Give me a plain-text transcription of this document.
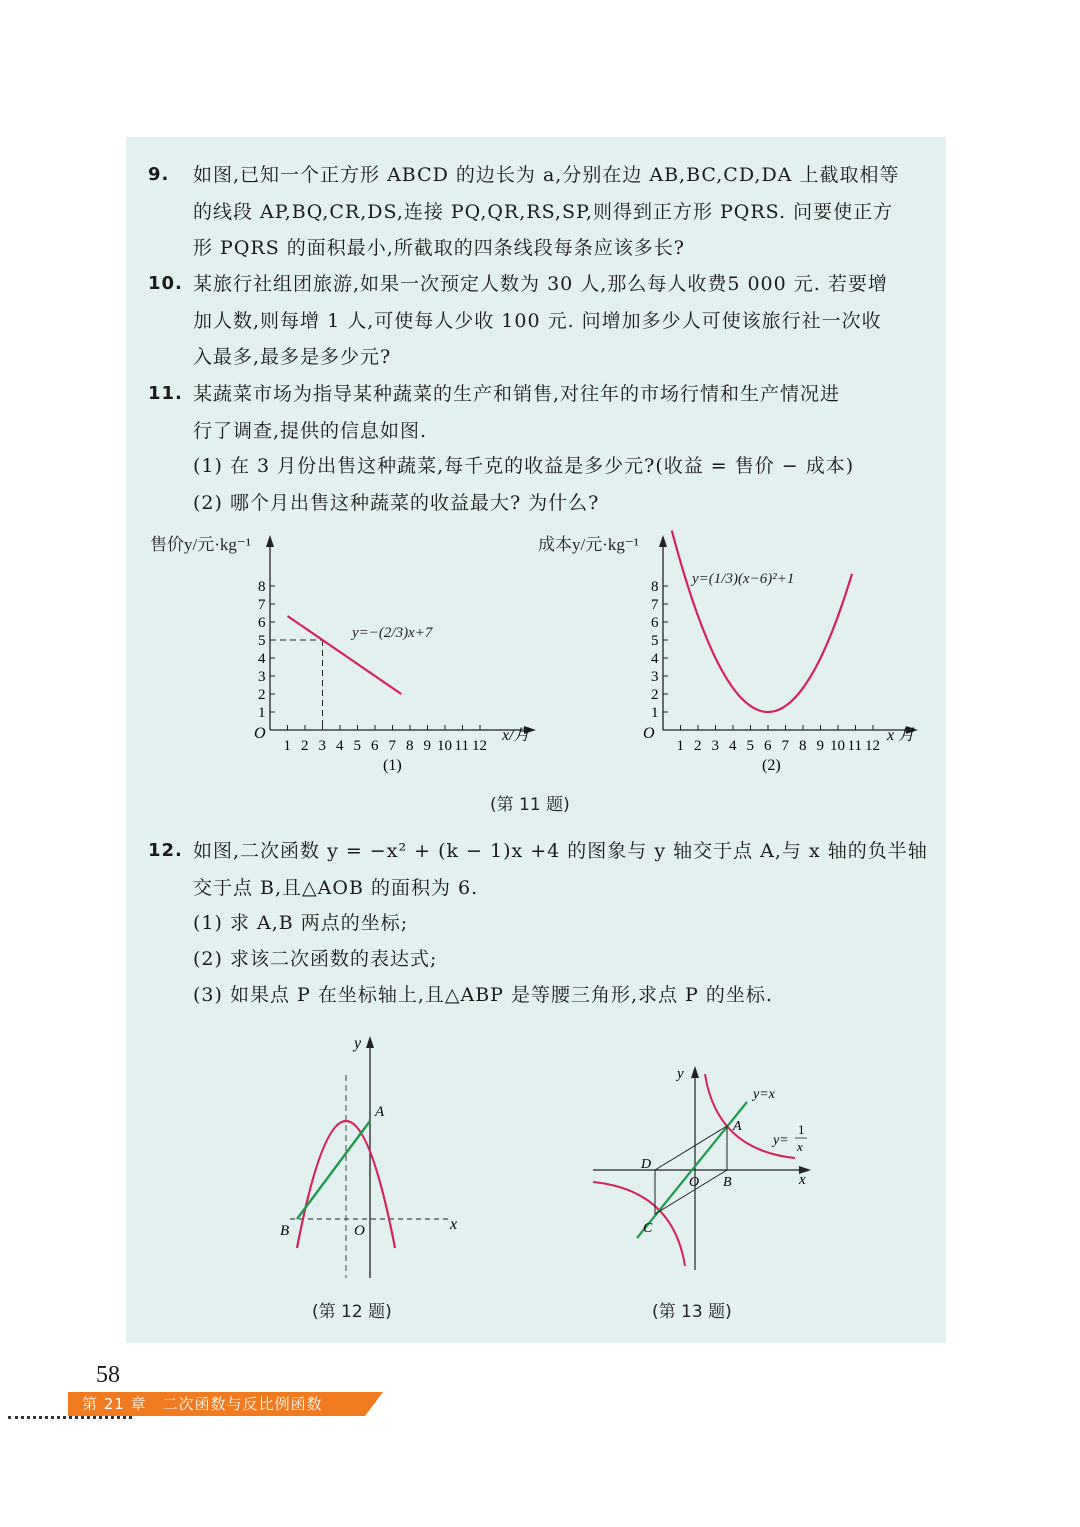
9. 如图,已知一个正方形 ABCD 的边长为 a,分别在边 AB,BC,CD,DA 上截取相等
的线段 AP,BQ,CR,DS,连接 PQ,QR,RS,SP,则得到正方形 PQRS. 问要使正方
形 PQRS 的面积最小,所截取的四条线段每条应该多长?
10. 某旅行社组团旅游,如果一次预定人数为 30 人,那么每人收费5 000 元. 若要增
加人数,则每增 1 人,可使每人少收 100 元. 问增加多少人可使该旅行社一次收
入最多,最多是多少元?
11. 某蔬菜市场为指导某种蔬菜的生产和销售,对往年的市场行情和生产情况进
行了调查,提供的信息如图.
(1) 在 3 月份出售这种蔬菜,每千克的收益是多少元?(收益 = 售价 − 成本)
(2) 哪个月出售这种蔬菜的收益最大? 为什么?
售价y/元·kg⁻¹
O	x/月
1 2 3 4 5 6 7 8 9 10 11 12
1
2
3
4
5
6
7
8
y=−(2/3)x+7
(1)
成本y/元·kg⁻¹
O	x 月
1 2 3 4 5 6 7 8 9 10 11 12
1
2
3
4
5
6
7
8 y=(1/3)(x−6)²+1
(2)
(第 11 题)
12. 如图,二次函数 y = −x² + (k − 1)x +4 的图象与 y 轴交于点 A,与 x 轴的负半轴
交于点 B,且△AOB 的面积为 6.
(1) 求 A,B 两点的坐标;
(2) 求该二次函数的表达式;
(3) 如果点 P 在坐标轴上,且△ABP 是等腰三角形,求点 P 的坐标.
y
x
A
B	O
(第 12 题)
y
x
y=x
y=
1
x
A
B
C
D
O
(第 13 题)
58
第 21 章　二次函数与反比例函数
